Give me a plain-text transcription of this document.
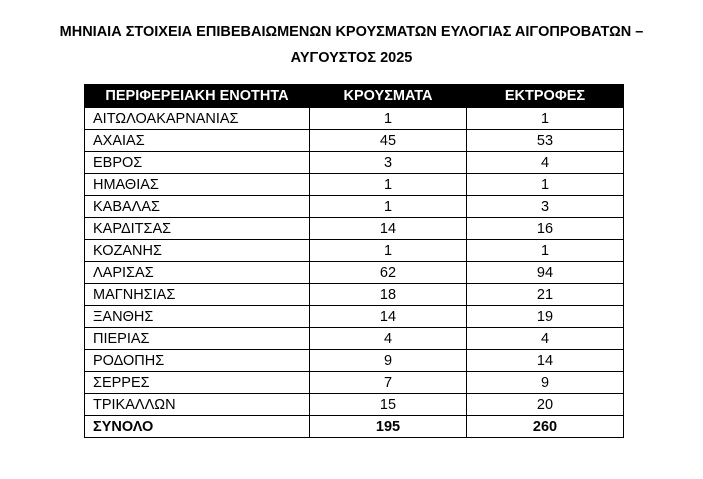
ΜΗΝΙΑΙΑ ΣΤΟΙΧΕΙΑ ΕΠΙΒΕΒΑΙΩΜΕΝΩΝ ΚΡΟΥΣΜΑΤΩΝ ΕΥΛΟΓΙΑΣ ΑΙΓΟΠΡΟΒΑΤΩΝ –
ΑΥΓΟΥΣΤΟΣ 2025
ΠΕΡΙΦΕΡΕΙΑΚΗ ΕΝΟΤΗΤΑ	ΚΡΟΥΣΜΑΤΑ	ΕΚΤΡΟΦΕΣ
ΑΙΤΩΛΟΑΚΑΡΝΑΝΙΑΣ	1	1
ΑΧΑΙΑΣ	45	53
ΕΒΡΟΣ	3	4
ΗΜΑΘΙΑΣ	1	1
ΚΑΒΑΛΑΣ	1	3
ΚΑΡΔΙΤΣΑΣ	14	16
ΚΟΖΑΝΗΣ	1	1
ΛΑΡΙΣΑΣ	62	94
ΜΑΓΝΗΣΙΑΣ	18	21
ΞΑΝΘΗΣ	14	19
ΠΙΕΡΙΑΣ	4	4
ΡΟΔΟΠΗΣ	9	14
ΣΕΡΡΕΣ	7	9
ΤΡΙΚΑΛΛΩΝ	15	20
ΣΥΝΟΛΟ	195	260
